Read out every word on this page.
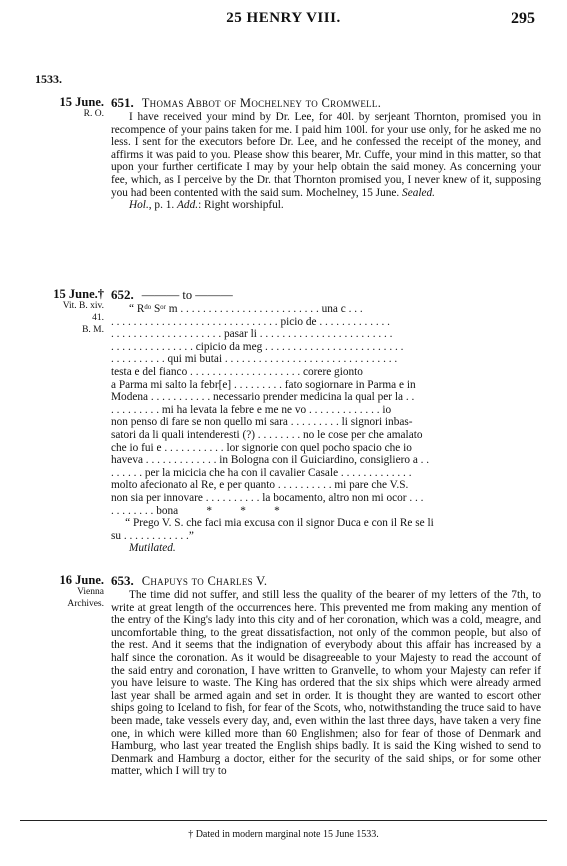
25 HENRY VIII.	295
1533.
15 June.
R. O.
651. Thomas Abbot of Mochelney to Cromwell.
I have received your mind by Dr. Lee, for 40l. by serjeant Thornton, promised you in recompence of your pains taken for me. I paid him 100l. for your use only, for he asked me no less. I sent for the executors before Dr. Lee, and he confessed the receipt of the money, and affirms it was paid to you. Please show this bearer, Mr. Cuffe, your mind in this matter, so that upon your further certificate I may by your help obtain the said money. As concerning your fee, which, as I perceive by the Dr. that Thornton promised you, I never knew of it, supposing you had been contented with the said sum. Mochelney, 15 June. Sealed.
Hol., p. 1. Add.: Right worshipful.
15 June.†
Vit. B. xiv.
41.
B. M.
652. ——— to ———
“ Rᵈᵒ Sᵒʳ m . . . . . . . . . . . . . . . . . . . . . . . . . una c . . .
. . . . . . . . . . . . . . . . . . . . . . . . . . . . . . picio de . . . . . . . . . . . . .
. . . . . . . . . . . . . . . . . . . . pasar li . . . . . . . . . . . . . . . . . . . . . . . .
. . . . . . . . . . . . . . . cipicio da meg . . . . . . . . . . . . . . . . . . . . . . . . .
. . . . . . . . . . qui mi butai . . . . . . . . . . . . . . . . . . . . . . . . . . . . . . .
testa e del fianco . . . . . . . . . . . . . . . . . . . . corere gionto
a Parma mi salto la febr[e] . . . . . . . . . fato sogiornare in Parma e in
Modena . . . . . . . . . . . necessario prender medicina la qual per la . .
. . . . . . . . . mi ha levata la febre e me ne vo . . . . . . . . . . . . . io
non penso di fare se non quello mi sara . . . . . . . . . li signori inbas-
satori da li quali intenderesti (?) . . . . . . . . no le cose per che amalato
che io fui e . . . . . . . . . . . lor signorie con quel pocho spacio che io
haveva . . . . . . . . . . . . . in Bologna con il Guiciardino, consigliero a . .
. . . . . . per la micicia che ha con il cavalier Casale . . . . . . . . . . . . .
molto afecionato al Re, e per quanto . . . . . . . . . . mi pare che V.S.
non sia per innovare . . . . . . . . . . la bocamento, altro non mi ocor . . .
. . . . . . . . bona          *          *          *
“ Prego V. S. che faci mia excusa con il signor Duca e con il Re se li
su . . . . . . . . . . . .”
Mutilated.
16 June.
Vienna
Archives.
653. Chapuys to Charles V.
The time did not suffer, and still less the quality of the bearer of my letters of the 7th, to write at great length of the occurrences here. This prevented me from making any mention of the entry of the King's lady into this city and of her coronation, which was a cold, meagre, and uncomfortable thing, to the great dissatisfaction, not only of the common people, but also of the rest. And it seems that the indignation of everybody about this affair has increased by a half since the coronation. As it would be disagreeable to your Majesty to read the account of the said entry and coronation, I have written to Granvelle, to whom your Majesty can refer if you have leisure to waste. The King has ordered that the six ships which were already armed last year shall be armed again and set in order. It is thought they are wanted to escort other ships going to Iceland to fish, for fear of the Scots, who, notwithstanding the truce said to have been made, take vessels every day, and, even within the last three days, have taken a very fine one, in which were killed more than 60 Englishmen; also for fear of those of Denmark and Hamburg, who last year treated the English ships badly. It is said the King wished to send to Denmark and Hamburg a doctor, either for the security of the said ships, or for some other matter, which I will try to
† Dated in modern marginal note 15 June 1533.
